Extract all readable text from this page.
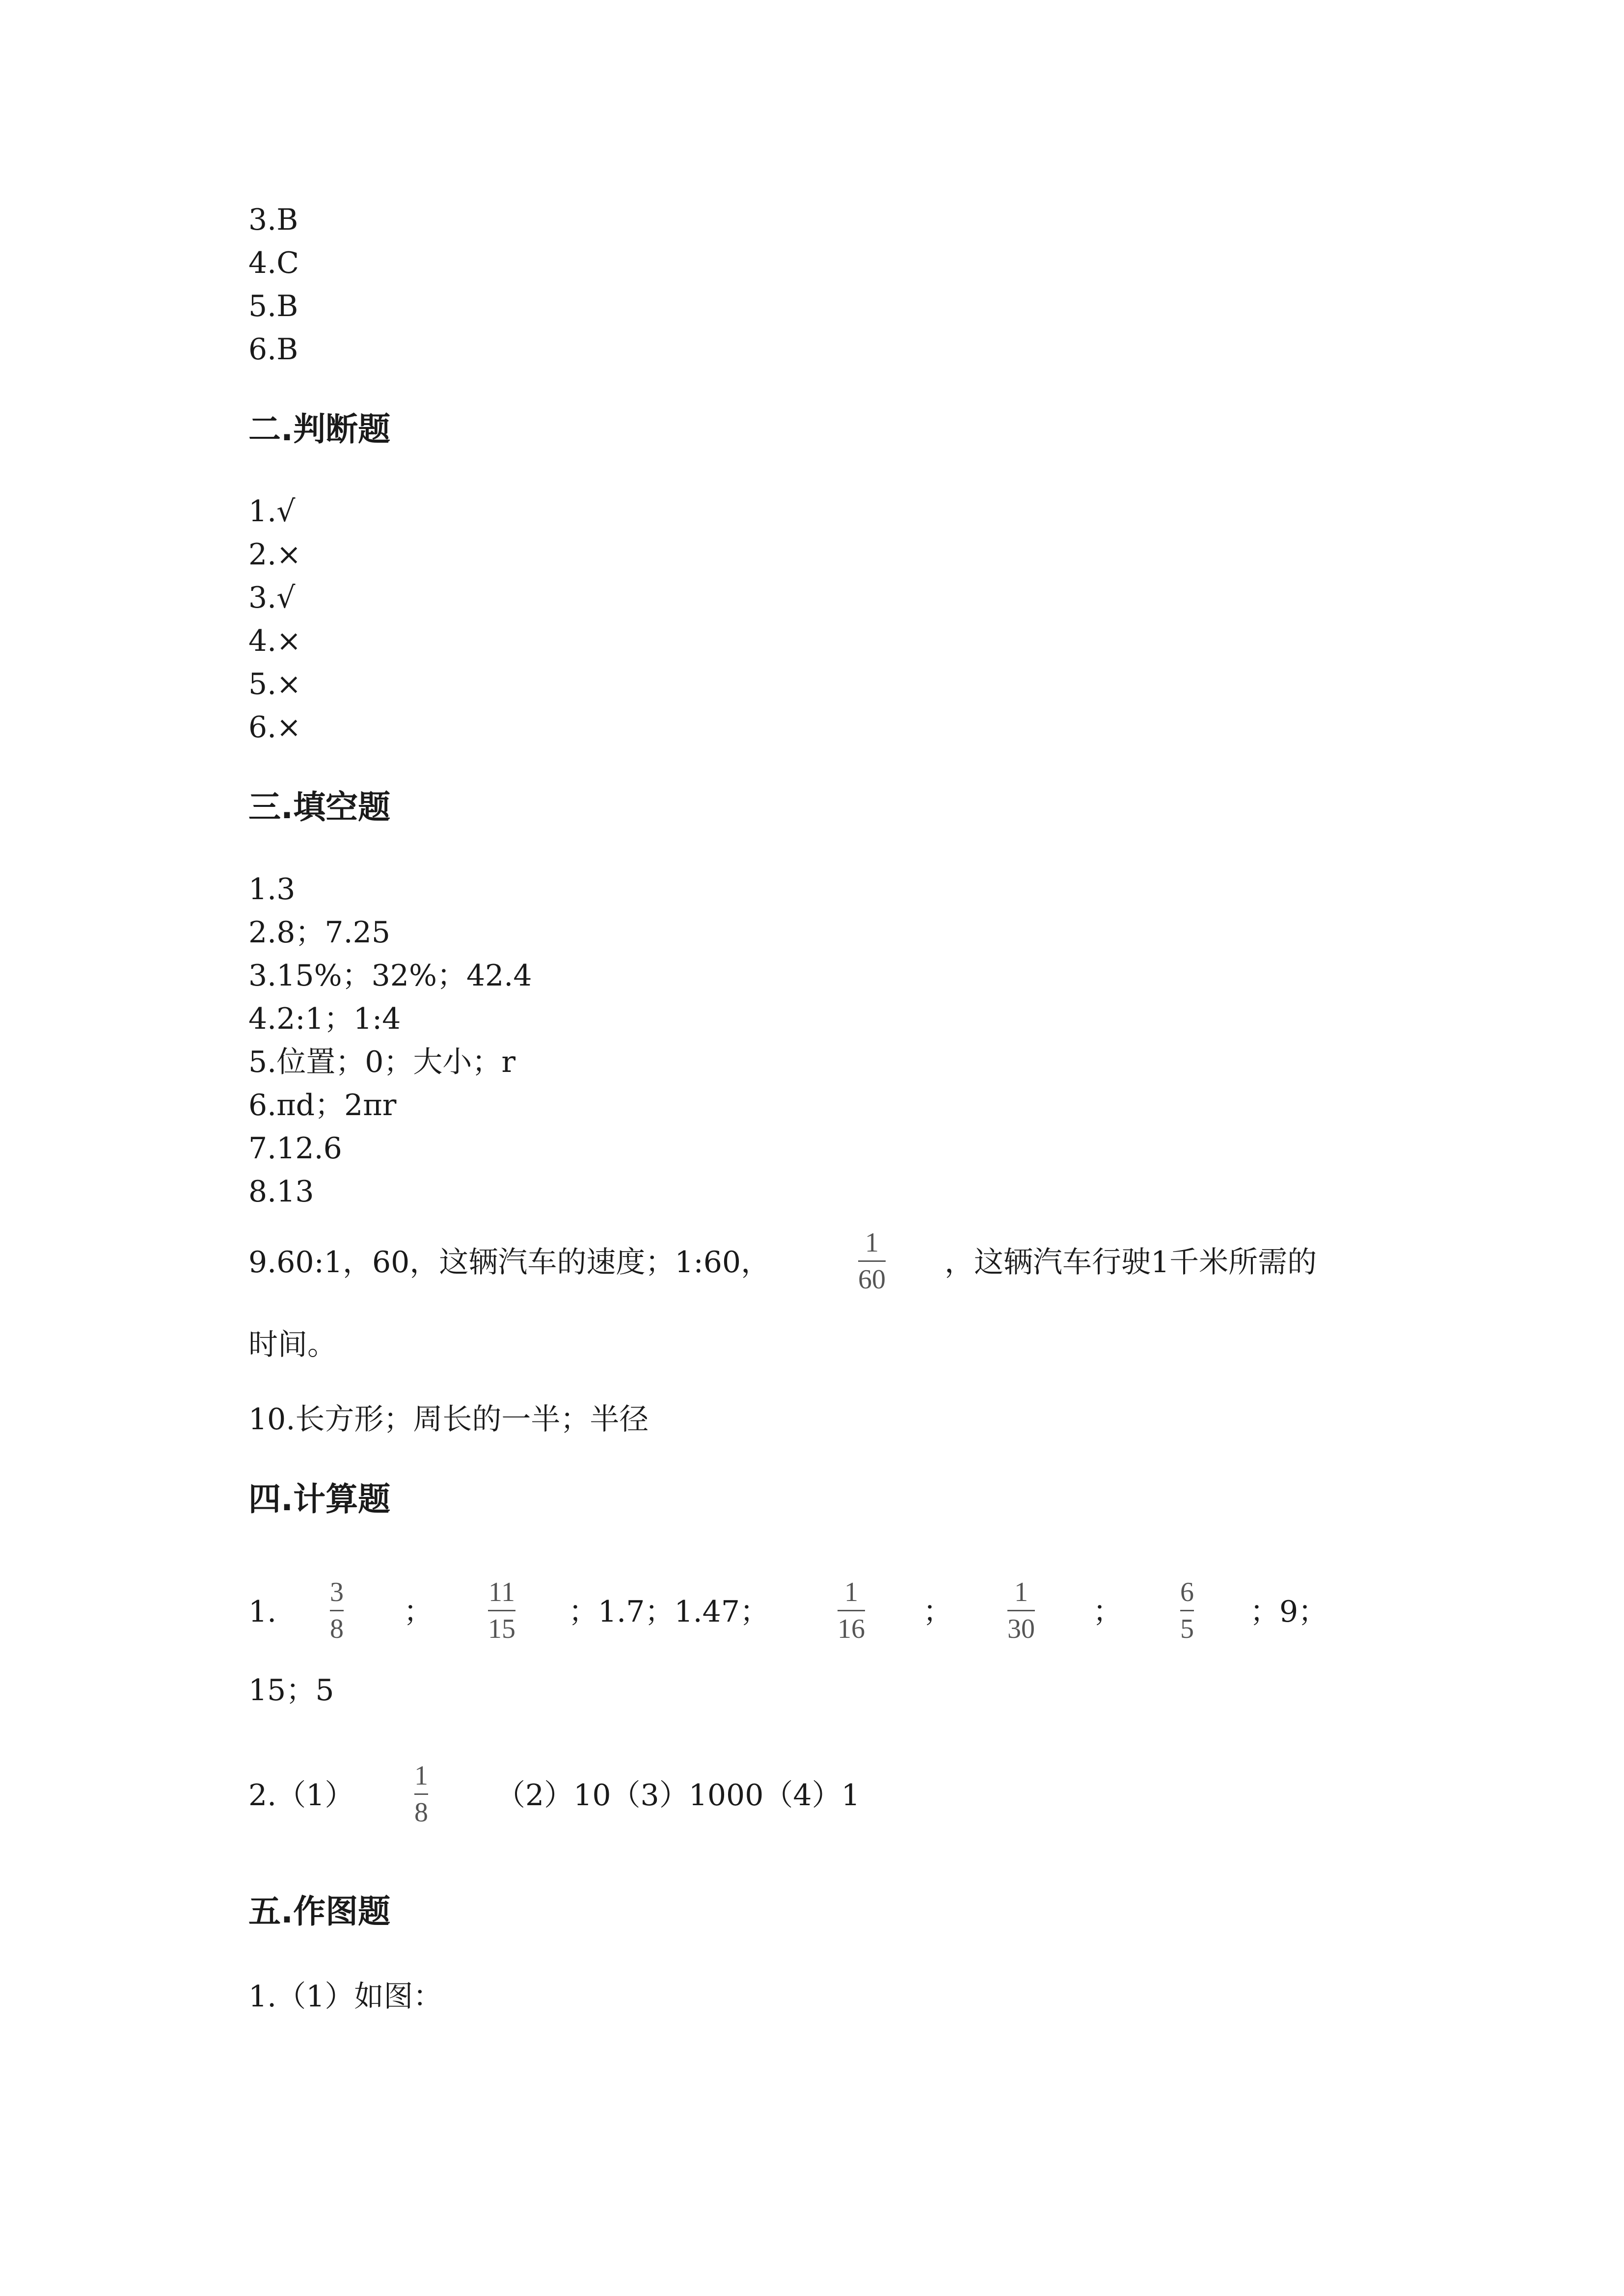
3.B
4.C
5.B
6.B
二.判断题
1.√
2.×
3.√
4.×
5.×
6.×
三.填空题
1.3
2.8；7.25
3.15%；32%；42.4
4.2:1；1:4
5.位置；0；大小；r
6.πd；2πr
7.12.6
8.13
9.60:1，60，这辆汽车的速度；1:60，
1
60 ，这辆汽车行驶1千米所需的
时间。
10.长方形；周长的一半；半径
四.计算题
1.
3
8 ；
11
15 ；1.7；1.47；
1
16 ；
1
30 ；
6
5 ；9；
15；5
2.（1）
1
8 （2）10（3）1000（4）1
五.作图题
1.（1）如图：
